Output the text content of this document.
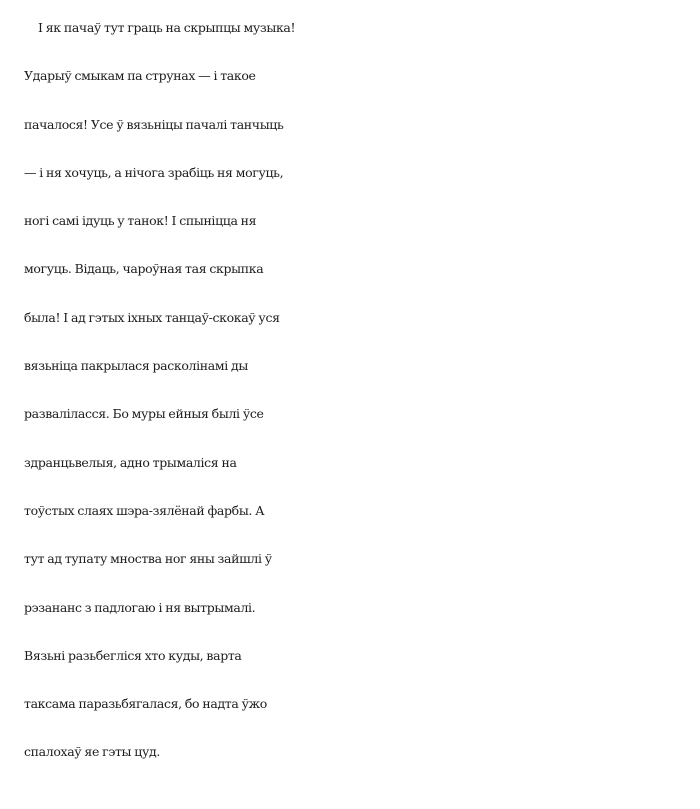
І як пачаў тут граць на скрыпцы музыка!
Ударыў смыкам па струнах — і такое
пачалося! Усе ў вязьніцы пачалі танчыць
— і ня хочуць, а нічога зрабіць ня могуць,
ногі самі ідуць у танок! І спыніцца ня
могуць. Відаць, чароўная тая скрыпка
была! І ад гэтых іхных танцаў-скокаў уся
вязьніца пакрылася расколінамі ды
разваліласся. Бо муры ейныя былі ўсе
здранцьвелыя, адно трымаліся на
тоўстых слаях шэра-зялёнай фарбы. А
тут ад тупату мноства ног яны зайшлі ў
рэзананс з падлогаю і ня вытрымалі.
Вязьні разьбегліся хто куды, варта
таксама паразьбягалася, бо надта ўжо
спалохаў яе гэты цуд.
